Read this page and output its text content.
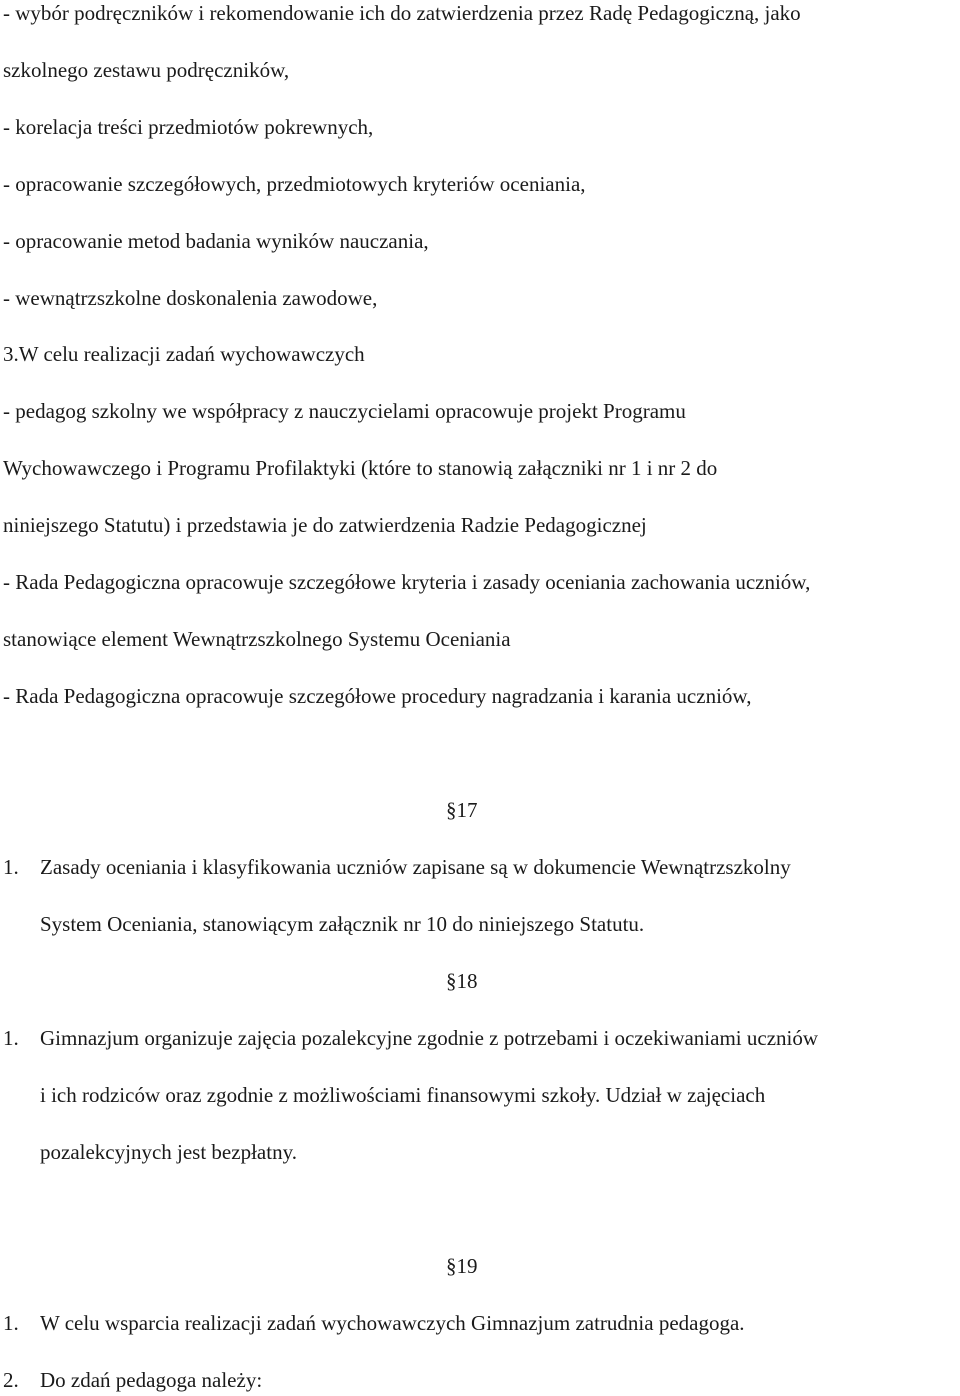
- wybór podręczników i rekomendowanie ich do zatwierdzenia przez Radę Pedagogiczną, jako
szkolnego zestawu podręczników,
- korelacja treści przedmiotów pokrewnych,
- opracowanie szczegółowych, przedmiotowych kryteriów oceniania,
- opracowanie metod badania wyników nauczania,
- wewnątrzszkolne doskonalenia zawodowe,
3.W celu realizacji zadań wychowawczych
- pedagog szkolny we współpracy z nauczycielami opracowuje projekt Programu
Wychowawczego i Programu Profilaktyki (które to stanowią załączniki nr 1 i nr 2 do
niniejszego Statutu) i przedstawia je do zatwierdzenia Radzie Pedagogicznej
- Rada Pedagogiczna opracowuje szczegółowe kryteria i zasady oceniania zachowania uczniów,
stanowiące element Wewnątrzszkolnego Systemu Oceniania
- Rada Pedagogiczna opracowuje szczegółowe procedury nagradzania i karania uczniów,
§17
1. Zasady oceniania i klasyfikowania uczniów zapisane są w dokumencie Wewnątrzszkolny
System Oceniania, stanowiącym załącznik nr 10 do niniejszego Statutu.
§18
1. Gimnazjum organizuje zajęcia pozalekcyjne zgodnie z potrzebami i oczekiwaniami uczniów
i ich rodziców oraz zgodnie z możliwościami finansowymi szkoły. Udział w zajęciach
pozalekcyjnych jest bezpłatny.
§19
1. W celu wsparcia realizacji zadań wychowawczych Gimnazjum zatrudnia pedagoga.
2. Do zdań pedagoga należy:
